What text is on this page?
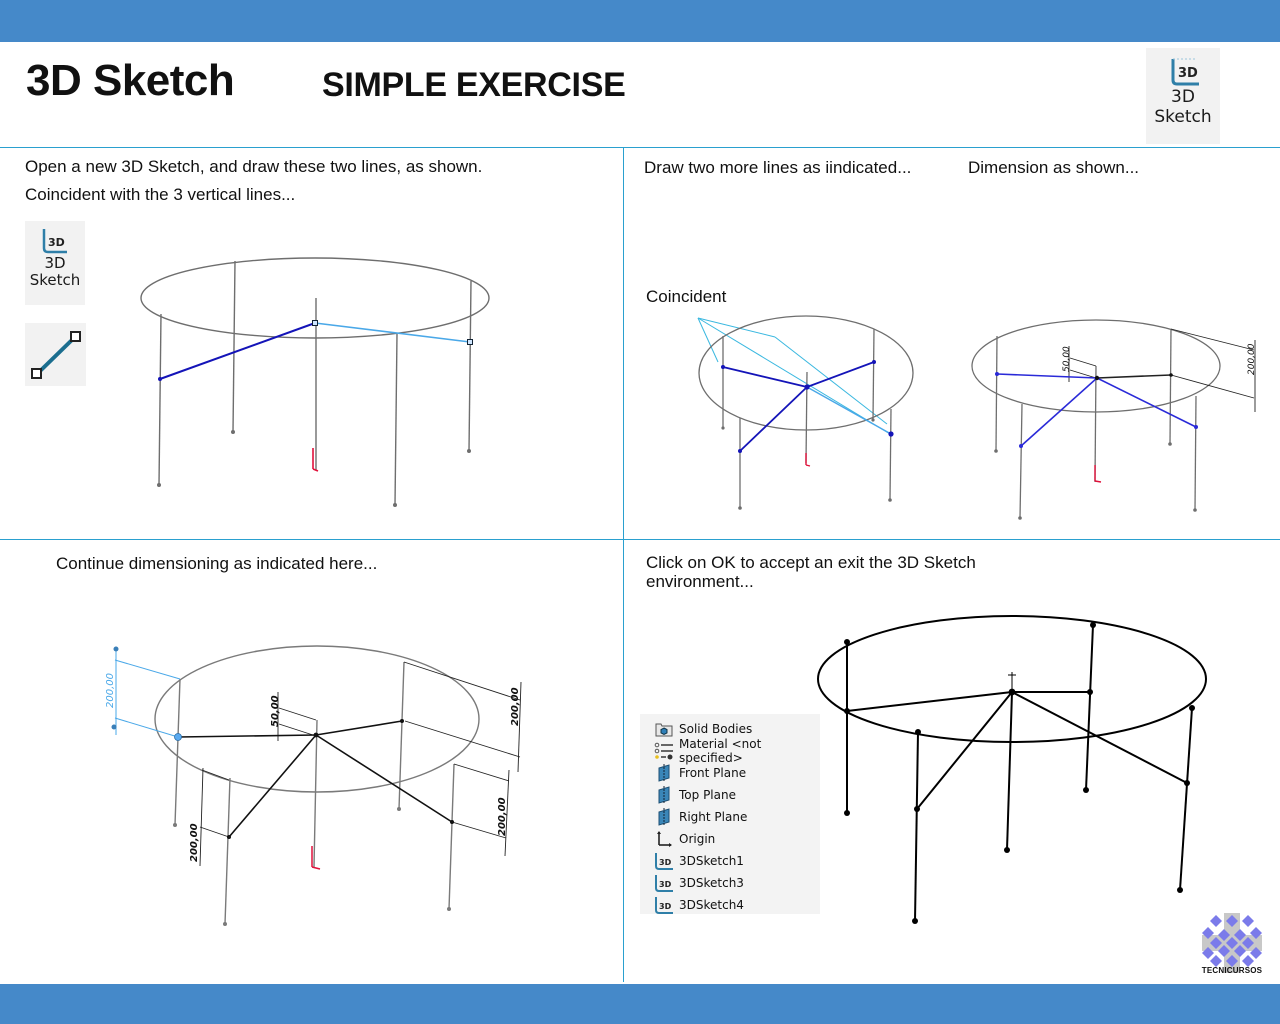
3D Sketch	SIMPLE EXERCISE	3D
3D
Sketch
Open a new 3D Sketch, and draw these two lines, as shown.
Coincident with the 3 vertical lines...
3D
3D
Sketch
Draw two more lines as iindicated...
Coincident
Dimension as shown...
50,00	200,00
Continue dimensioning as indicated here...
200,00
50,00	200,00
200,00
200,00
Click on OK to accept an exit the 3D Sketch
environment...
Solid Bodies
Material <not specified>
Front Plane
Top Plane
Right Plane
Origin
3D 3DSketch1
3D 3DSketch3
3D 3DSketch4
TECNICURSOS
